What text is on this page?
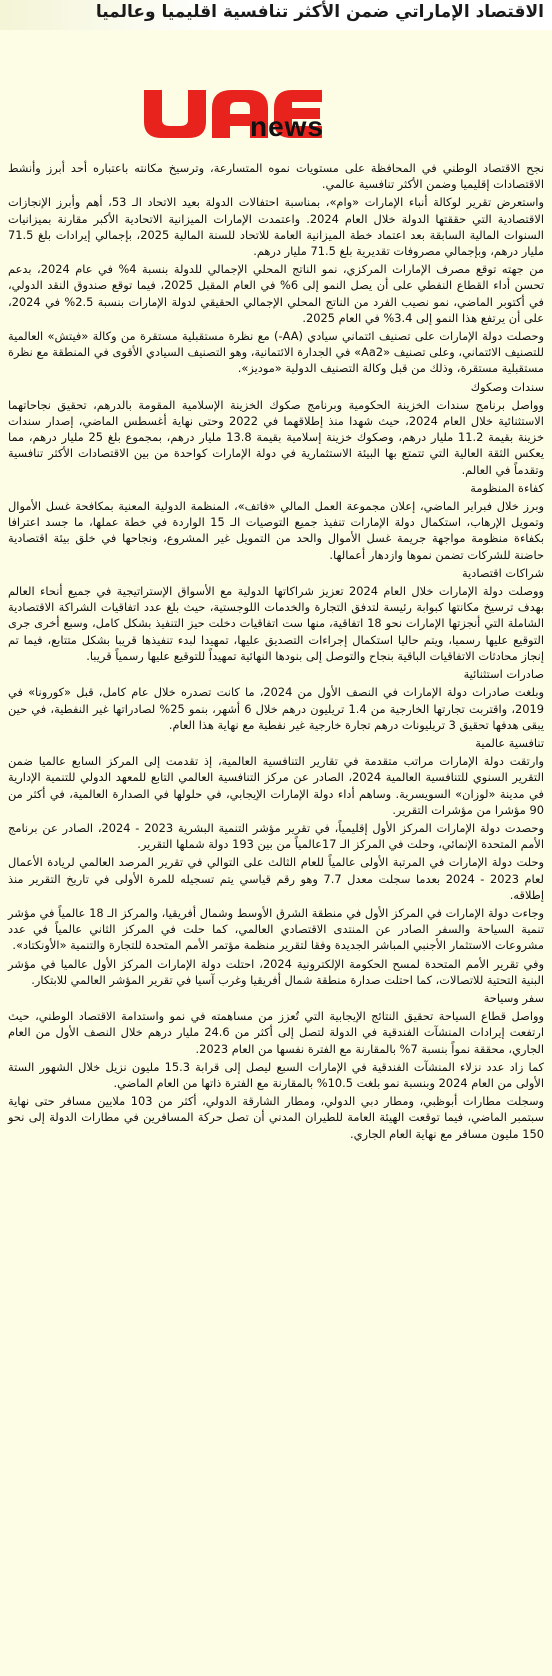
الاقتصاد الإماراتي ضمن الأكثر تنافسية اقليميا وعالميا
news

نجح الاقتصاد الوطني في المحافظة على مستويات نموه المتسارعة، وترسيخ مكانته باعتباره أحد أبرز وأنشط الاقتصادات إقليميا وضمن الأكثر تنافسية عالمي.

واستعرض تقرير لوكالة أنباء الإمارات «وام»، بمناسبة احتفالات الدولة بعيد الاتحاد الـ 53، أهم وأبرز الإنجازات الاقتصادية التي حققتها الدولة خلال العام 2024. واعتمدت الإمارات الميزانية الاتحادية الأكبر مقارنة بميزانيات السنوات المالية السابقة بعد اعتماد خطة الميزانية العامة للاتحاد للسنة المالية 2025، بإجمالي إيرادات بلغ 71.5 مليار درهم، وبإجمالي مصروفات تقديرية بلغ 71.5 مليار درهم.

من جهته توقع مصرف الإمارات المركزي، نمو الناتج المحلي الإجمالي للدولة بنسبة 4% في عام 2024، بدعم تحسن أداء القطاع النفطي على أن يصل النمو إلى 6% في العام المقبل 2025، فيما توقع صندوق النقد الدولي، في أكتوبر الماضي، نمو نصيب الفرد من الناتج المحلي الإجمالي الحقيقي لدولة الإمارات بنسبة 2.5% في 2024، على أن يرتفع هذا النمو إلى 3.4% في العام 2025.

وحصلت دولة الإمارات على تصنيف ائتماني سيادي (AA-) مع نظرة مستقبلية مستقرة من وكالة «فيتش» العالمية للتصنيف الائتماني، وعلى تصنيف «Aa2» في الجدارة الائتمانية، وهو التصنيف السيادي الأقوى في المنطقة مع نظرة مستقبلية مستقرة، وذلك من قبل وكالة التصنيف الدولية «موديز».

سندات وصكوك

وواصل برنامج سندات الخزينة الحكومية وبرنامج صكوك الخزينة الإسلامية المقومة بالدرهم، تحقيق نجاحاتهما الاستثنائية خلال العام 2024، حيث شهدا منذ إطلاقهما في 2022 وحتى نهاية أغسطس الماضي، إصدار سندات خزينة بقيمة 11.2 مليار درهم، وصكوك خزينة إسلامية بقيمة 13.8 مليار درهم، بمجموع بلغ 25 مليار درهم، مما يعكس الثقة العالية التي تتمتع بها البيئة الاستثمارية في دولة الإمارات كواحدة من بين الاقتصادات الأكثر تنافسية وتقدماً في العالم.

كفاءة المنظومة

وبرز خلال فبراير الماضي، إعلان مجموعة العمل المالي «فاتف»، المنظمة الدولية المعنية بمكافحة غسل الأموال وتمويل الإرهاب، استكمال دولة الإمارات تنفيذ جميع التوصيات الـ 15 الواردة في خطة عملها، ما جسد اعترافا بكفاءة منظومة مواجهة جريمة غسل الأموال والحد من التمويل غير المشروع، ونجاحها في خلق بيئة اقتصادية حاضنة للشركات تضمن نموها وازدهار أعمالها.

شراكات اقتصادية

ووصلت دولة الإمارات خلال العام 2024 تعزيز شراكاتها الدولية مع الأسواق الإستراتيجية في جميع أنحاء العالم بهدف ترسيخ مكانتها كبوابة رئيسة لتدفق التجارة والخدمات اللوجستية، حيث بلغ عدد اتفاقيات الشراكة الاقتصادية الشاملة التي أنجزتها الإمارات نحو 18 اتفاقية، منها ست اتفاقيات دخلت حيز التنفيذ بشكل كامل، وسبع أخرى جرى التوقيع عليها رسميا، ويتم حاليا استكمال إجراءات التصديق عليها، تمهيدا لبدء تنفيذها قريبا بشكل متتابع، فيما تم إنجاز محادثات الاتفاقيات الباقية بنجاح والتوصل إلى بنودها النهائية تمهيداً للتوقيع عليها رسمياً قريبا.

صادرات استثنائية

وبلغت صادرات دولة الإمارات في النصف الأول من 2024، ما كانت تصدره خلال عام كامل، قبل «كورونا» في 2019، واقتربت تجارتها الخارجية من 1.4 تريليون درهم خلال 6 أشهر، بنمو 25% لصادراتها غير النفطية، في حين يبقى هدفها تحقيق 3 تريليونات درهم تجارة خارجية غير نفطية مع نهاية هذا العام.

تنافسية عالمية

وارتقت دولة الإمارات مراتب متقدمة في تقارير التنافسية العالمية، إذ تقدمت إلى المركز السابع عالميا ضمن التقرير السنوي للتنافسية العالمية 2024، الصادر عن مركز التنافسية العالمي التابع للمعهد الدولي للتنمية الإدارية في مدينة «لوزان» السويسرية. وساهم أداء دولة الإمارات الإيجابي، في حلولها في الصدارة العالمية، في أكثر من 90 مؤشرا من مؤشرات التقرير.

وحصدت دولة الإمارات المركز الأول إقليمياً، في تقرير مؤشر التنمية البشرية 2023 - 2024، الصادر عن برنامج الأمم المتحدة الإنمائي، وحلت في المركز الـ 17عالمياً من بين 193 دولة شملها التقرير.

وحلت دولة الإمارات في المرتبة الأولى عالمياً للعام الثالث على التوالي في تقرير المرصد العالمي لريادة الأعمال لعام 2023 - 2024 بعدما سجلت معدل 7.7 وهو رقم قياسي يتم تسجيله للمرة الأولى في تاريخ التقرير منذ إطلاقه.

وجاءت دولة الإمارات في المركز الأول في منطقة الشرق الأوسط وشمال أفريقيا، والمركز الـ 18 عالمياً في مؤشر تنمية السياحة والسفر الصادر عن المنتدى الاقتصادي العالمي، كما حلت في المركز الثاني عالمياً في عدد مشروعات الاستثمار الأجنبي المباشر الجديدة وفقا لتقرير منظمة مؤتمر الأمم المتحدة للتجارة والتنمية «الأونكتاد».

وفي تقرير الأمم المتحدة لمسح الحكومة الإلكترونية 2024، احتلت دولة الإمارات المركز الأول عالميا في مؤشر البنية التحتية للاتصالات، كما احتلت صدارة منطقة شمال أفريقيا وغرب آسيا في تقرير المؤشر العالمي للابتكار.

سفر وسياحة

وواصل قطاع السياحة تحقيق النتائج الإيجابية التي تُعزز من مساهمته في نمو واستدامة الاقتصاد الوطني، حيث ارتفعت إيرادات المنشآت الفندقية في الدولة لتصل إلى أكثر من 24.6 مليار درهم خلال النصف الأول من العام الجاري، محققة نمواً بنسبة 7% بالمقارنة مع الفترة نفسها من العام 2023.

كما زاد عدد نزلاء المنشآت الفندقية في الإمارات السبع ليصل إلى قرابة 15.3 مليون نزيل خلال الشهور الستة الأولى من العام 2024 وبنسبة نمو بلغت 10.5% بالمقارنة مع الفترة ذاتها من العام الماضي.

وسجلت مطارات أبوظبي، ومطار دبي الدولي، ومطار الشارقة الدولي، أكثر من 103 ملايين مسافر حتى نهاية سبتمبر الماضي، فيما توقعت الهيئة العامة للطيران المدني أن تصل حركة المسافرين في مطارات الدولة إلى نحو 150 مليون مسافر مع نهاية العام الجاري.
